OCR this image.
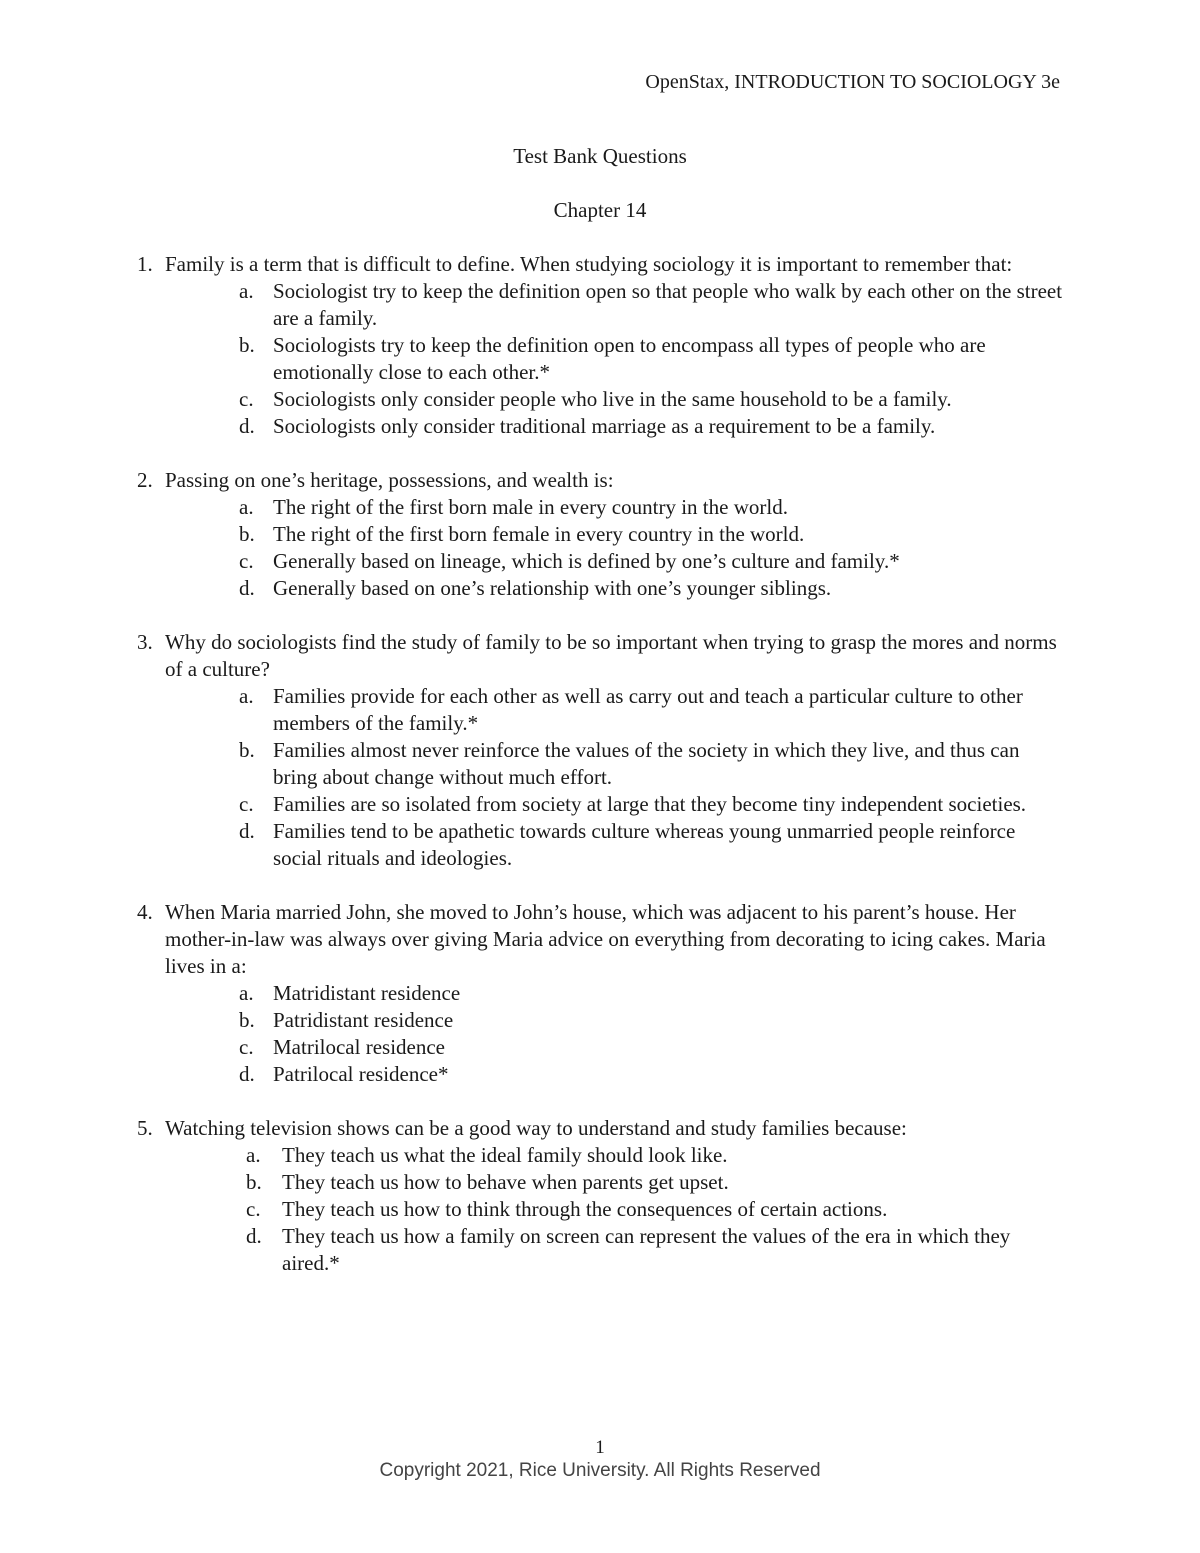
OpenStax, INTRODUCTION TO SOCIOLOGY 3e
Test Bank Questions
Chapter 14
1. Family is a term that is difficult to define. When studying sociology it is important to remember that:
a. Sociologist try to keep the definition open so that people who walk by each other on the street are a family.
b. Sociologists try to keep the definition open to encompass all types of people who are emotionally close to each other.*
c. Sociologists only consider people who live in the same household to be a family.
d. Sociologists only consider traditional marriage as a requirement to be a family.
2. Passing on one’s heritage, possessions, and wealth is:
a. The right of the first born male in every country in the world.
b. The right of the first born female in every country in the world.
c. Generally based on lineage, which is defined by one’s culture and family.*
d. Generally based on one’s relationship with one’s younger siblings.
3. Why do sociologists find the study of family to be so important when trying to grasp the mores and norms of a culture?
a. Families provide for each other as well as carry out and teach a particular culture to other members of the family.*
b. Families almost never reinforce the values of the society in which they live, and thus can bring about change without much effort.
c. Families are so isolated from society at large that they become tiny independent societies.
d. Families tend to be apathetic towards culture whereas young unmarried people reinforce social rituals and ideologies.
4. When Maria married John, she moved to John’s house, which was adjacent to his parent’s house. Her mother-in-law was always over giving Maria advice on everything from decorating to icing cakes. Maria lives in a:
a. Matridistant residence
b. Patridistant residence
c. Matrilocal residence
d. Patrilocal residence*
5. Watching television shows can be a good way to understand and study families because:
a. They teach us what the ideal family should look like.
b. They teach us how to behave when parents get upset.
c. They teach us how to think through the consequences of certain actions.
d. They teach us how a family on screen can represent the values of the era in which they aired.*
1
Copyright 2021, Rice University. All Rights Reserved
